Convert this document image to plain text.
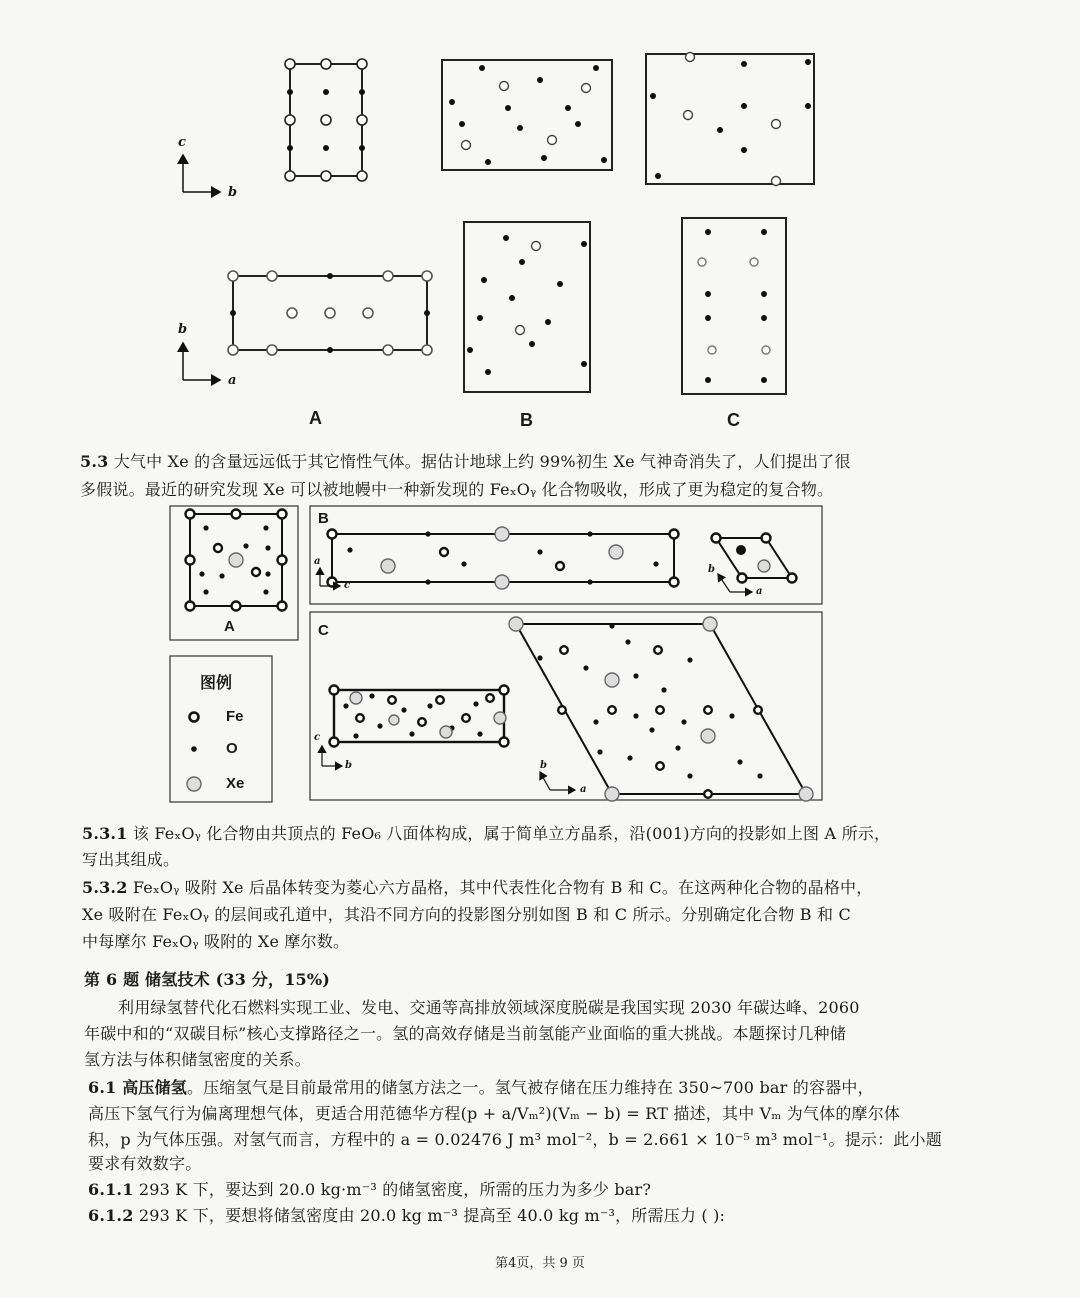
c
b
b
a
A	B	C
5.3 大气中 Xe 的含量远远低于其它惰性气体。据估计地球上约 99%初生 Xe 气神奇消失了，人们提出了很
多假说。最近的研究发现 Xe 可以被地幔中一种新发现的 FeₓOᵧ 化合物吸收，形成了更为稳定的复合物。
A
B
C
a
c
b
a
c
b	b
a
图例
Fe
O
Xe
5.3.1 该 FeₓOᵧ 化合物由共顶点的 FeO₆ 八面体构成，属于简单立方晶系，沿(001)方向的投影如上图 A 所示，
写出其组成。
5.3.2 FeₓOᵧ 吸附 Xe 后晶体转变为菱心六方晶格，其中代表性化合物有 B 和 C。在这两种化合物的晶格中，
Xe 吸附在 FeₓOᵧ 的层间或孔道中，其沿不同方向的投影图分别如图 B 和 C 所示。分别确定化合物 B 和 C
中每摩尔 FeₓOᵧ 吸附的 Xe 摩尔数。
第 6 题 储氢技术 (33 分，15%)
利用绿氢替代化石燃料实现工业、发电、交通等高排放领域深度脱碳是我国实现 2030 年碳达峰、2060
年碳中和的“双碳目标”核心支撑路径之一。氢的高效存储是当前氢能产业面临的重大挑战。本题探讨几种储
氢方法与体积储氢密度的关系。
6.1 高压储氢。压缩氢气是目前最常用的储氢方法之一。氢气被存储在压力维持在 350~700 bar 的容器中，
高压下氢气行为偏离理想气体，更适合用范德华方程(p + a/Vₘ²)(Vₘ − b) = RT 描述，其中 Vₘ 为气体的摩尔体
积，p 为气体压强。对氢气而言，方程中的 a = 0.02476 J m³ mol⁻²，b = 2.661 × 10⁻⁵ m³ mol⁻¹。提示：此小题
要求有效数字。
6.1.1 293 K 下，要达到 20.0 kg·m⁻³ 的储氢密度，所需的压力为多少 bar?
6.1.2 293 K 下，要想将储氢密度由 20.0 kg m⁻³ 提高至 40.0 kg m⁻³，所需压力 ( ):
第4页，共 9 页
